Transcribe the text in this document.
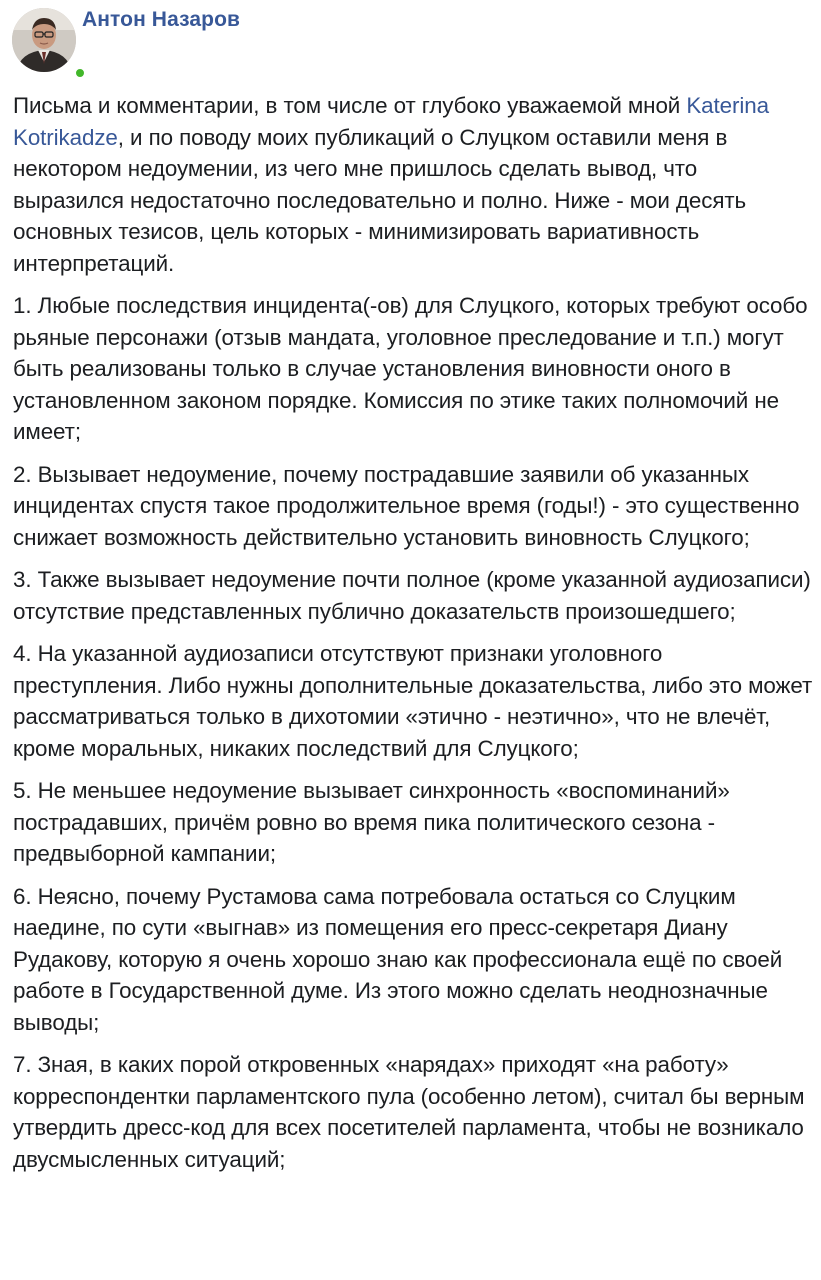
Антон Назаров

Письма и комментарии, в том числе от глубоко уважаемой мной Katerina Kotrikadze, и по поводу моих публикаций о Слуцком оставили меня в некотором недоумении, из чего мне пришлось сделать вывод, что выразился недостаточно последовательно и полно. Ниже - мои десять основных тезисов, цель которых - минимизировать вариативность интерпретаций.

1. Любые последствия инцидента(-ов) для Слуцкого, которых требуют особо рьяные персонажи (отзыв мандата, уголовное преследование и т.п.) могут быть реализованы только в случае установления виновности оного в установленном законом порядке. Комиссия по этике таких полномочий не имеет;

2. Вызывает недоумение, почему пострадавшие заявили об указанных инцидентах спустя такое продолжительное время (годы!) - это существенно снижает возможность действительно установить виновность Слуцкого;

3. Также вызывает недоумение почти полное (кроме указанной аудиозаписи) отсутствие представленных публично доказательств произошедшего;

4. На указанной аудиозаписи отсутствуют признаки уголовного преступления. Либо нужны дополнительные доказательства, либо это может рассматриваться только в дихотомии «этично - неэтично», что не влечёт, кроме моральных, никаких последствий для Слуцкого;

5. Не меньшее недоумение вызывает синхронность «воспоминаний» пострадавших, причём ровно во время пика политического сезона - предвыборной кампании;

6. Неясно, почему Рустамова сама потребовала остаться со Слуцким наедине, по сути «выгнав» из помещения его пресс-секретаря Диану Рудакову, которую я очень хорошо знаю как профессионала ещё по своей работе в Государственной думе. Из этого можно сделать неоднозначные выводы;

7. Зная, в каких порой откровенных «нарядах» приходят «на работу» корреспондентки парламентского пула (особенно летом), считал бы верным утвердить дресс-код для всех посетителей парламента, чтобы не возникало двусмысленных ситуаций;
